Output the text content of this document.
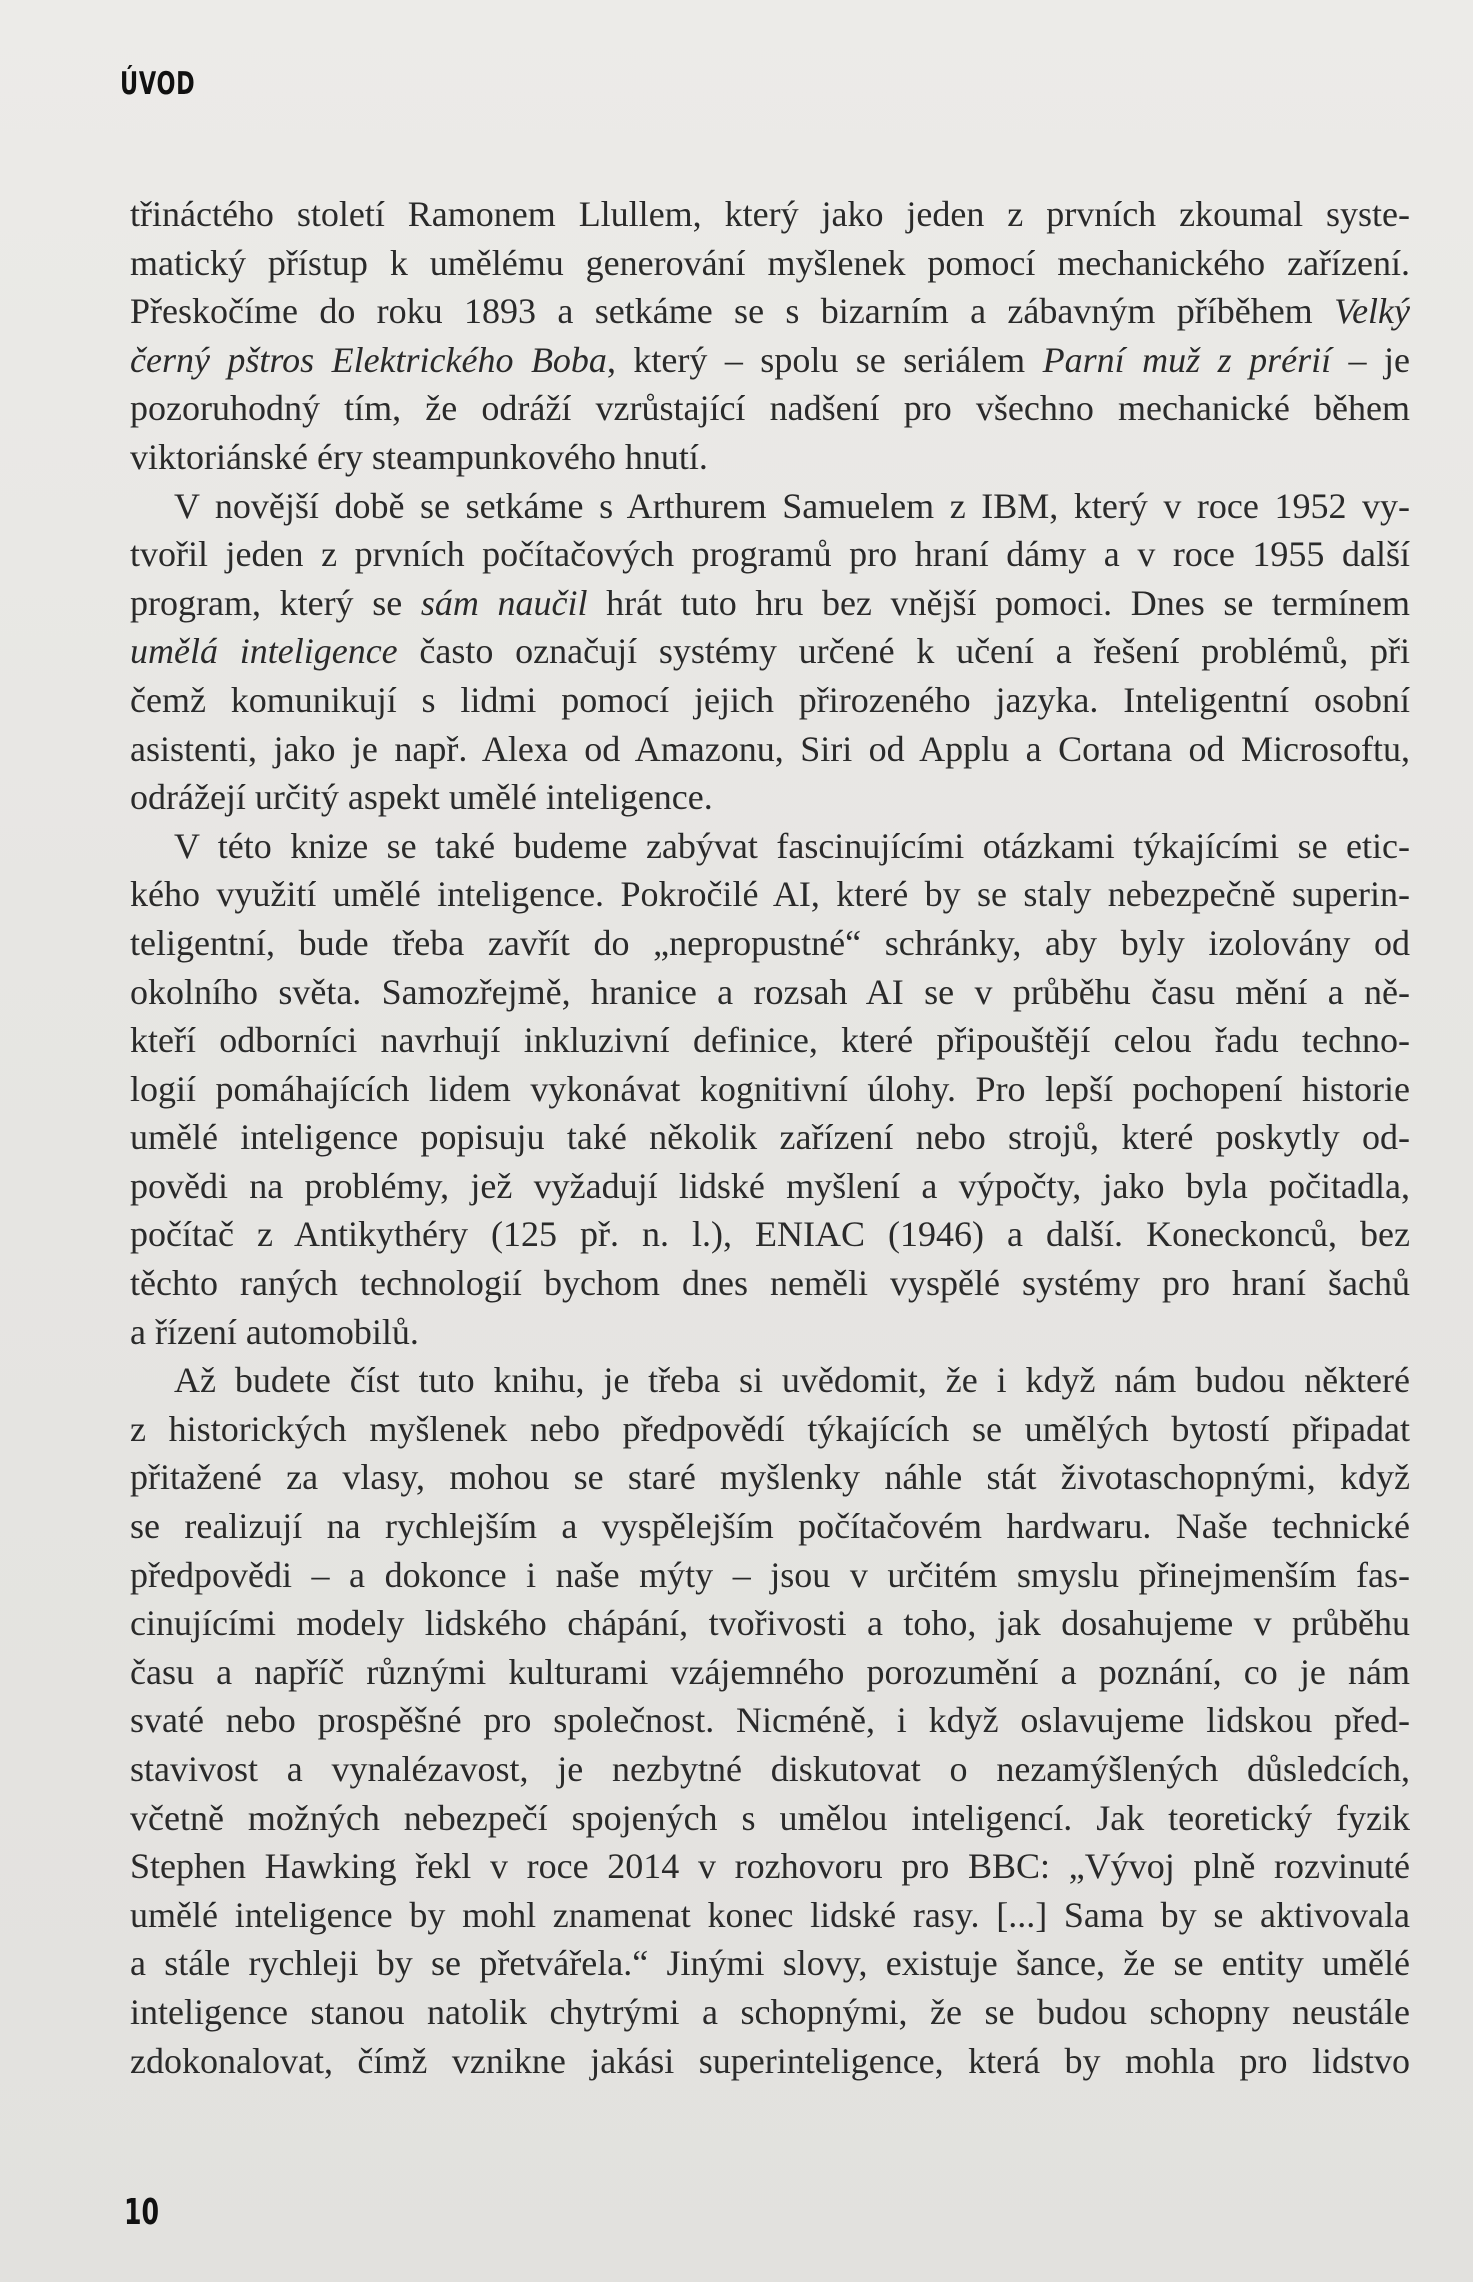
ÚVOD
třináctého století Ramonem Llullem, který jako jeden z prvních zkoumal syste-
matický přístup k umělému generování myšlenek pomocí mechanického zařízení.
Přeskočíme do roku 1893 a setkáme se s bizarním a zábavným příběhem Velký
černý pštros Elektrického Boba, který – spolu se seriálem Parní muž z prérií – je
pozoruhodný tím, že odráží vzrůstající nadšení pro všechno mechanické během
viktoriánské éry steampunkového hnutí.
V novější době se setkáme s Arthurem Samuelem z IBM, který v roce 1952 vy-
tvořil jeden z prvních počítačových programů pro hraní dámy a v roce 1955 další
program, který se sám naučil hrát tuto hru bez vnější pomoci. Dnes se termínem
umělá inteligence často označují systémy určené k učení a řešení problémů, při
čemž komunikují s lidmi pomocí jejich přirozeného jazyka. Inteligentní osobní
asistenti, jako je např. Alexa od Amazonu, Siri od Applu a Cortana od Microsoftu,
odrážejí určitý aspekt umělé inteligence.
V této knize se také budeme zabývat fascinujícími otázkami týkajícími se etic-
kého využití umělé inteligence. Pokročilé AI, které by se staly nebezpečně superin-
teligentní, bude třeba zavřít do „nepropustné“ schránky, aby byly izolovány od
okolního světa. Samozřejmě, hranice a rozsah AI se v průběhu času mění a ně-
kteří odborníci navrhují inkluzivní definice, které připouštějí celou řadu techno-
logií pomáhajících lidem vykonávat kognitivní úlohy. Pro lepší pochopení historie
umělé inteligence popisuju také několik zařízení nebo strojů, které poskytly od-
povědi na problémy, jež vyžadují lidské myšlení a výpočty, jako byla počitadla,
počítač z Antikythéry (125 př. n. l.), ENIAC (1946) a další. Koneckonců, bez
těchto raných technologií bychom dnes neměli vyspělé systémy pro hraní šachů
a řízení automobilů.
Až budete číst tuto knihu, je třeba si uvědomit, že i když nám budou některé
z historických myšlenek nebo předpovědí týkajících se umělých bytostí připadat
přitažené za vlasy, mohou se staré myšlenky náhle stát životaschopnými, když
se realizují na rychlejším a vyspělejším počítačovém hardwaru. Naše technické
předpovědi – a dokonce i naše mýty – jsou v určitém smyslu přinejmenším fas-
cinujícími modely lidského chápání, tvořivosti a toho, jak dosahujeme v průběhu
času a napříč různými kulturami vzájemného porozumění a poznání, co je nám
svaté nebo prospěšné pro společnost. Nicméně, i když oslavujeme lidskou před-
stavivost a vynalézavost, je nezbytné diskutovat o nezamýšlených důsledcích,
včetně možných nebezpečí spojených s umělou inteligencí. Jak teoretický fyzik
Stephen Hawking řekl v roce 2014 v rozhovoru pro BBC: „Vývoj plně rozvinuté
umělé inteligence by mohl znamenat konec lidské rasy. [...] Sama by se aktivovala
a stále rychleji by se přetvářela.“ Jinými slovy, existuje šance, že se entity umělé
inteligence stanou natolik chytrými a schopnými, že se budou schopny neustále
zdokonalovat, čímž vznikne jakási superinteligence, která by mohla pro lidstvo
10
